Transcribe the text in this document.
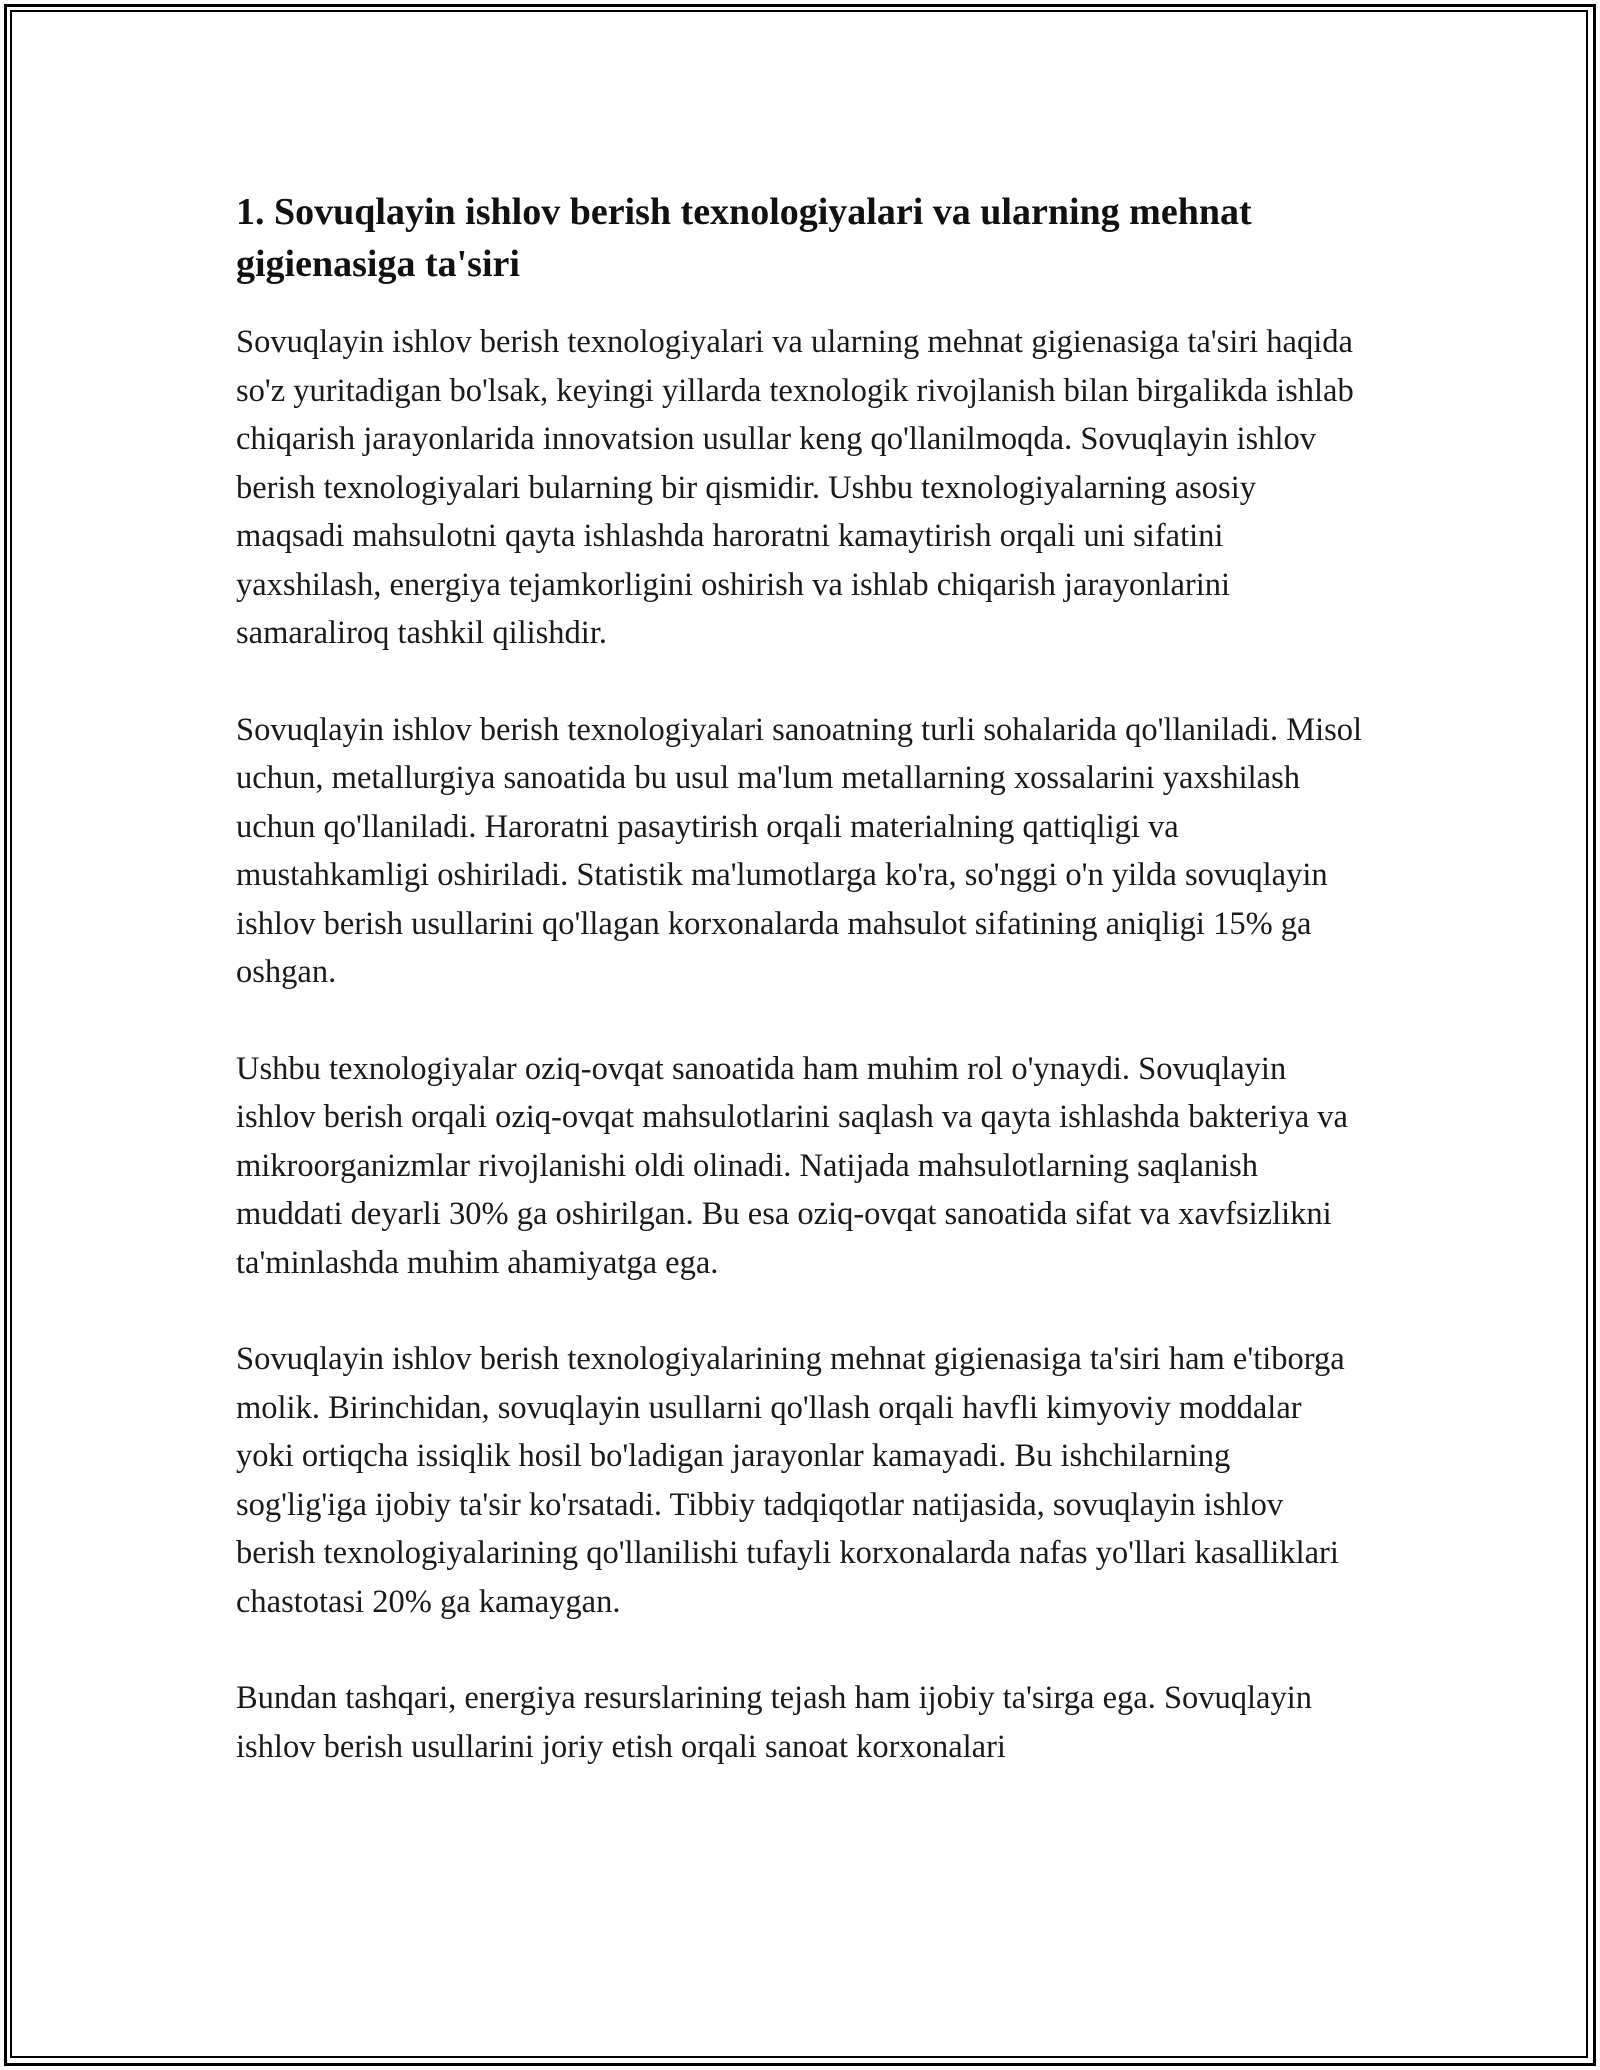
1. Sovuqlayin ishlov berish texnologiyalari va ularning mehnat gigienasiga ta'siri

Sovuqlayin ishlov berish texnologiyalari va ularning mehnat gigienasiga ta'siri haqida so'z yuritadigan bo'lsak, keyingi yillarda texnologik rivojlanish bilan birgalikda ishlab chiqarish jarayonlarida innovatsion usullar keng qo'llanilmoqda. Sovuqlayin ishlov berish texnologiyalari bularning bir qismidir. Ushbu texnologiyalarning asosiy maqsadi mahsulotni qayta ishlashda haroratni kamaytirish orqali uni sifatini yaxshilash, energiya tejamkorligini oshirish va ishlab chiqarish jarayonlarini samaraliroq tashkil qilishdir.

Sovuqlayin ishlov berish texnologiyalari sanoatning turli sohalarida qo'llaniladi. Misol uchun, metallurgiya sanoatida bu usul ma'lum metallarning xossalarini yaxshilash uchun qo'llaniladi. Haroratni pasaytirish orqali materialning qattiqligi va mustahkamligi oshiriladi. Statistik ma'lumotlarga ko'ra, so'nggi o'n yilda sovuqlayin ishlov berish usullarini qo'llagan korxonalarda mahsulot sifatining aniqligi 15% ga oshgan.

Ushbu texnologiyalar oziq-ovqat sanoatida ham muhim rol o'ynaydi. Sovuqlayin ishlov berish orqali oziq-ovqat mahsulotlarini saqlash va qayta ishlashda bakteriya va mikroorganizmlar rivojlanishi oldi olinadi. Natijada mahsulotlarning saqlanish muddati deyarli 30% ga oshirilgan. Bu esa oziq-ovqat sanoatida sifat va xavfsizlikni ta'minlashda muhim ahamiyatga ega.

Sovuqlayin ishlov berish texnologiyalarining mehnat gigienasiga ta'siri ham e'tiborga molik. Birinchidan, sovuqlayin usullarni qo'llash orqali havfli kimyoviy moddalar yoki ortiqcha issiqlik hosil bo'ladigan jarayonlar kamayadi. Bu ishchilarning sog'lig'iga ijobiy ta'sir ko'rsatadi. Tibbiy tadqiqotlar natijasida, sovuqlayin ishlov berish texnologiyalarining qo'llanilishi tufayli korxonalarda nafas yo'llari kasalliklari chastotasi 20% ga kamaygan.

Bundan tashqari, energiya resurslarining tejash ham ijobiy ta'sirga ega. Sovuqlayin ishlov berish usullarini joriy etish orqali sanoat korxonalari
